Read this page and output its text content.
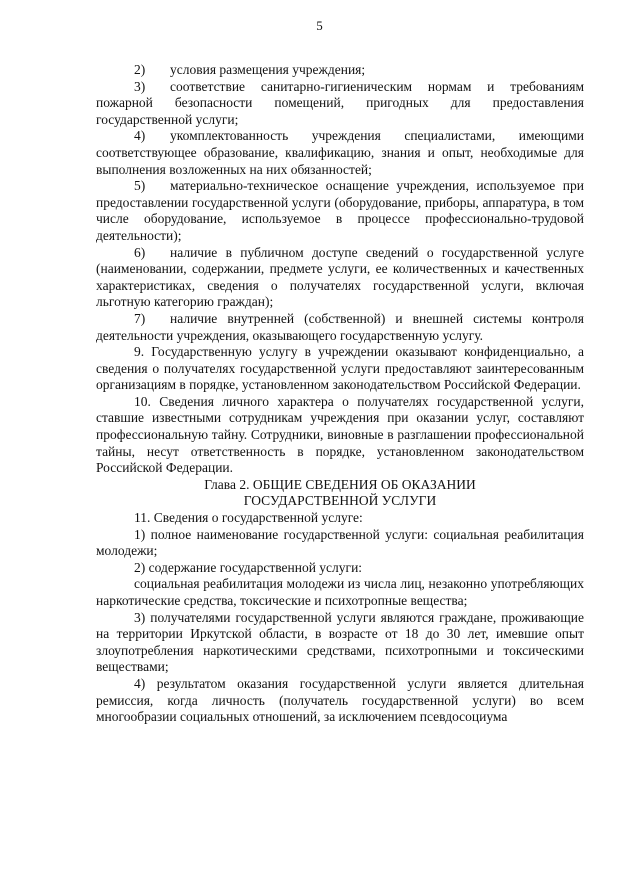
5

2) условия размещения учреждения;

3) соответствие санитарно-гигиеническим нормам и требованиям пожарной безопасности помещений, пригодных для предоставления государственной услуги;

4) укомплектованность учреждения специалистами, имеющими соответствующее образование, квалификацию, знания и опыт, необходимые для выполнения возложенных на них обязанностей;

5) материально-техническое оснащение учреждения, используемое при предоставлении государственной услуги (оборудование, приборы, аппаратура, в том числе оборудование, используемое в процессе профессионально-трудовой деятельности);

6) наличие в публичном доступе сведений о государственной услуге (наименовании, содержании, предмете услуги, ее количественных и качественных характеристиках, сведения о получателях государственной услуги, включая льготную категорию граждан);

7) наличие внутренней (собственной) и внешней системы контроля деятельности учреждения, оказывающего государственную услугу.

9. Государственную услугу в учреждении оказывают конфиденциально, а сведения о получателях государственной услуги предоставляют заинтересованным организациям в порядке, установленном законодательством Российской Федерации.

10. Сведения личного характера о получателях государственной услуги, ставшие известными сотрудникам учреждения при оказании услуг, составляют профессиональную тайну. Сотрудники, виновные в разглашении профессиональной тайны, несут ответственность в порядке, установленном законодательством Российской Федерации.

Глава 2. ОБЩИЕ СВЕДЕНИЯ ОБ ОКАЗАНИИ
ГОСУДАРСТВЕННОЙ УСЛУГИ

11. Сведения о государственной услуге:

1) полное наименование государственной услуги: социальная реабилитация молодежи;

2) содержание государственной услуги:

социальная реабилитация молодежи из числа лиц, незаконно употребляющих наркотические средства, токсические и психотропные вещества;

3) получателями государственной услуги являются граждане, проживающие на территории Иркутской области, в возрасте от 18 до 30 лет, имевшие опыт злоупотребления наркотическими средствами, психотропными и токсическими веществами;

4) результатом оказания государственной услуги является длительная ремиссия, когда личность (получатель государственной услуги) во всем многообразии социальных отношений, за исключением псевдосоциума
